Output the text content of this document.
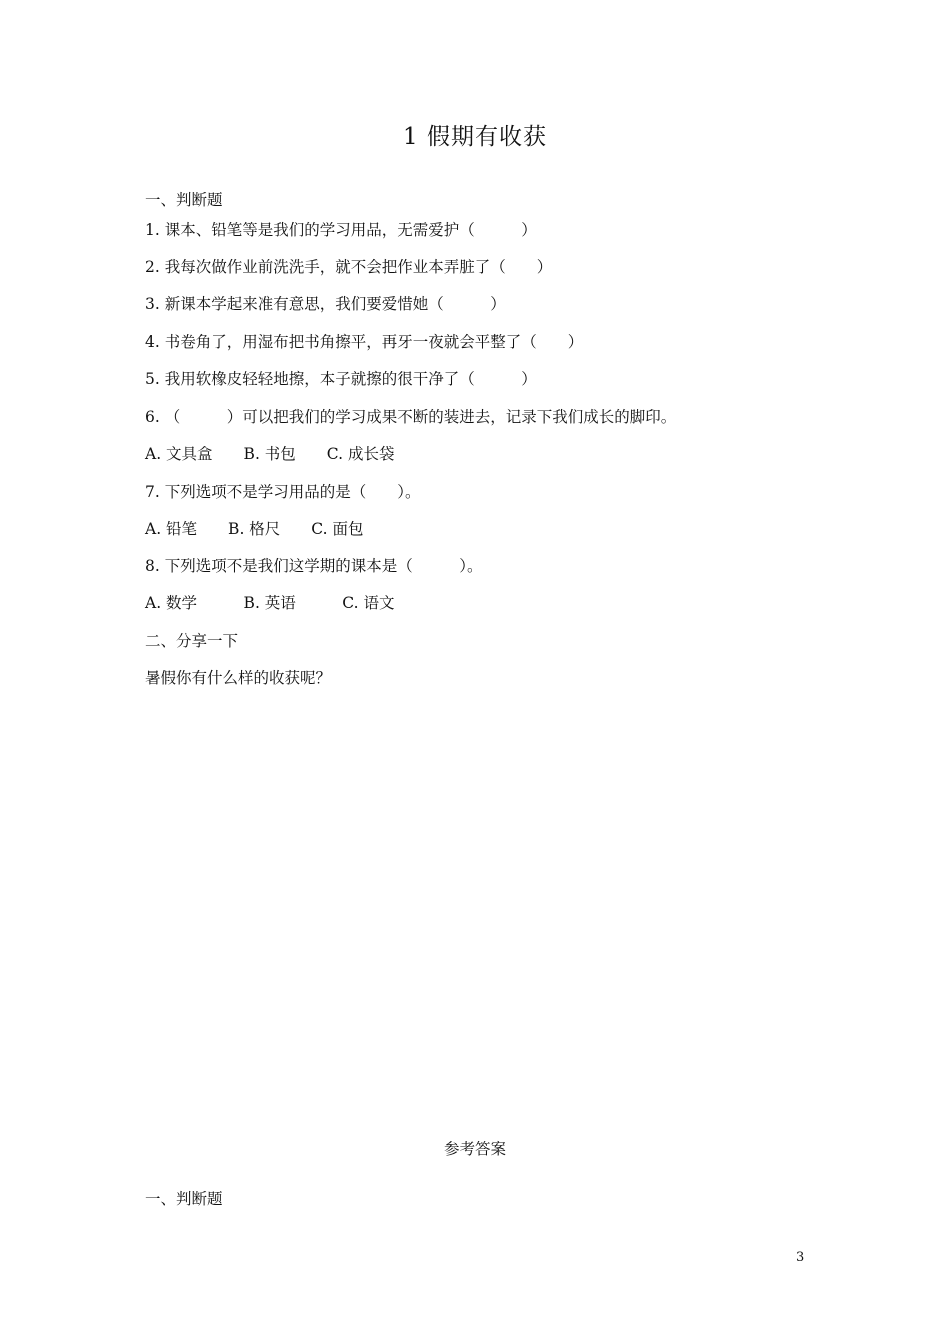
1 假期有收获
一、判断题
1. 课本、铅笔等是我们的学习用品，无需爱护（　　　）
2. 我每次做作业前洗洗手，就不会把作业本弄脏了（　　）
3. 新课本学起来准有意思，我们要爱惜她（　　　）
4. 书卷角了，用湿布把书角擦平，再牙一夜就会平整了（　　）
5. 我用软橡皮轻轻地擦，本子就擦的很干净了（　　　）
6. （　　　）可以把我们的学习成果不断的装进去，记录下我们成长的脚印。
A. 文具盒　　B. 书包　　C. 成长袋
7. 下列选项不是学习用品的是（　　）。
A. 铅笔　　B. 格尺　　C. 面包
8. 下列选项不是我们这学期的课本是（　　　）。
A. 数学　　　B. 英语　　　C. 语文
二、分享一下
暑假你有什么样的收获呢？
参考答案
一、判断题
3
